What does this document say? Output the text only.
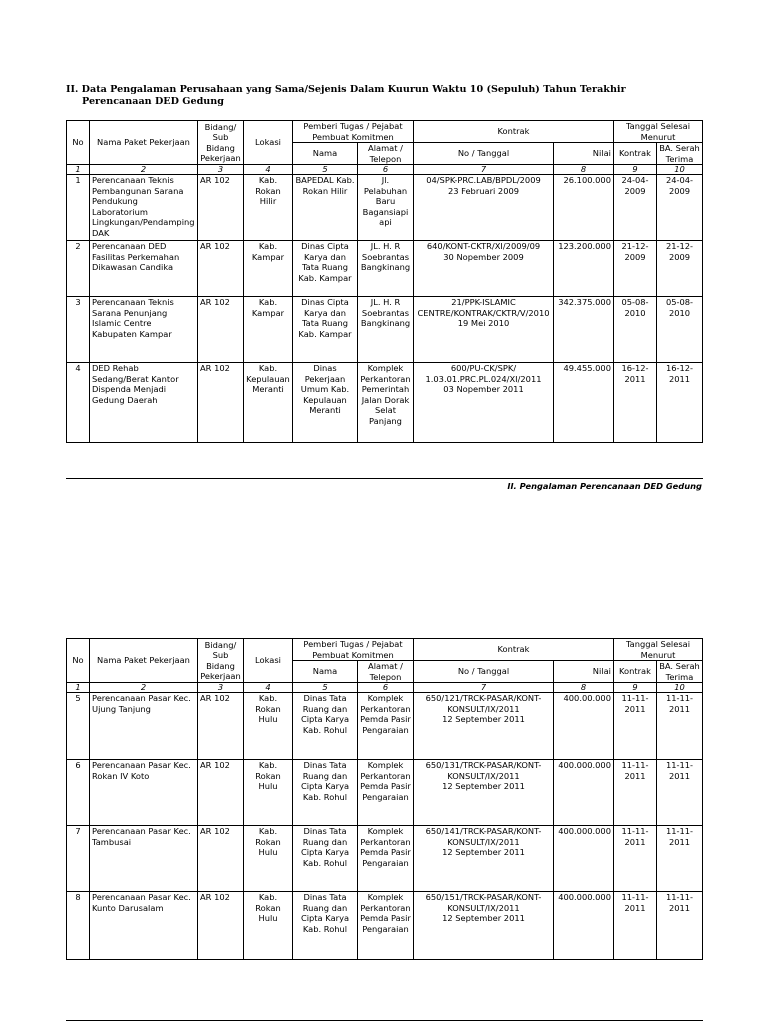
II. Data Pengalaman Perusahaan yang Sama/Sejenis Dalam Kuurun Waktu 10 (Sepuluh) Tahun Terakhir
Perencanaan DED Gedung
No	Nama Paket Pekerjaan	Bidang/ Sub Bidang Pekerjaan	Lokasi	Pemberi Tugas / Pejabat Pembuat Komitmen		Kontrak		Tanggal Selesai Menurut	
				Nama	Alamat / Telepon	No / Tanggal	Nilai	Kontrak	BA. Serah Terima
1	2	3	4	5	6	7	8	9	10
1	Perencanaan Teknis Pembangunan Sarana Pendukung Laboratorium Lingkungan/Pendamping DAK	AR 102	Kab. Rokan Hilir	BAPEDAL Kab. Rokan Hilir	Jl. Pelabuhan Baru Bagansiapi api	04/SPK-PRC.LAB/BPDL/2009
23 Februari 2009	26.100.000	24-04-2009	24-04-2009
2	Perencanaan DED Fasilitas Perkemahan Dikawasan Candika	AR 102	Kab. Kampar	Dinas Cipta Karya dan Tata Ruang Kab. Kampar	JL. H. R Soebrantas Bangkinang	640/KONT-CKTR/XI/2009/09
30 Nopember 2009	123.200.000	21-12-2009	21-12-2009
3	Perencanaan Teknis Sarana Penunjang Islamic Centre Kabupaten Kampar	AR 102	Kab. Kampar	Dinas Cipta Karya dan Tata Ruang Kab. Kampar	JL. H. R Soebrantas Bangkinang	21/PPK-ISLAMIC CENTRE/KONTRAK/CKTR/V/2010
19 Mei 2010	342.375.000	05-08-2010	05-08-2010
4	DED Rehab Sedang/Berat Kantor Dispenda Menjadi Gedung Daerah	AR 102	Kab. Kepulauan Meranti	Dinas Pekerjaan Umum Kab. Kepulauan Meranti	Komplek Perkantoran Pemerintah Jalan Dorak Selat Panjang	600/PU-CK/SPK/
1.03.01.PRC.PL.024/XI/2011
03 Nopember 2011	49.455.000	16-12-2011	16-12-2011
II. Pengalaman Perencanaan DED Gedung
No	Nama Paket Pekerjaan	Bidang/ Sub Bidang Pekerjaan	Lokasi	Pemberi Tugas / Pejabat Pembuat Komitmen		Kontrak		Tanggal Selesai Menurut	
				Nama	Alamat / Telepon	No / Tanggal	Nilai	Kontrak	BA. Serah Terima
1	2	3	4	5	6	7	8	9	10
5	Perencanaan Pasar Kec. Ujung Tanjung	AR 102	Kab. Rokan Hulu	Dinas Tata Ruang dan Cipta Karya Kab. Rohul	Komplek Perkantoran Pemda Pasir Pengaraian	650/121/TRCK-PASAR/KONT-KONSULT/IX/2011
12 September 2011	400.00.000	11-11-2011	11-11-2011
6	Perencanaan Pasar Kec. Rokan IV Koto	AR 102	Kab. Rokan Hulu	Dinas Tata Ruang dan Cipta Karya Kab. Rohul	Komplek Perkantoran Pemda Pasir Pengaraian	650/131/TRCK-PASAR/KONT-KONSULT/IX/2011
12 September 2011	400.000.000	11-11-2011	11-11-2011
7	Perencanaan Pasar Kec. Tambusai	AR 102	Kab. Rokan Hulu	Dinas Tata Ruang dan Cipta Karya Kab. Rohul	Komplek Perkantoran Pemda Pasir Pengaraian	650/141/TRCK-PASAR/KONT-KONSULT/IX/2011
12 September 2011	400.000.000	11-11-2011	11-11-2011
8	Perencanaan Pasar Kec. Kunto Darusalam	AR 102	Kab. Rokan Hulu	Dinas Tata Ruang dan Cipta Karya Kab. Rohul	Komplek Perkantoran Pemda Pasir Pengaraian	650/151/TRCK-PASAR/KONT-KONSULT/IX/2011
12 September 2011	400.000.000	11-11-2011	11-11-2011
